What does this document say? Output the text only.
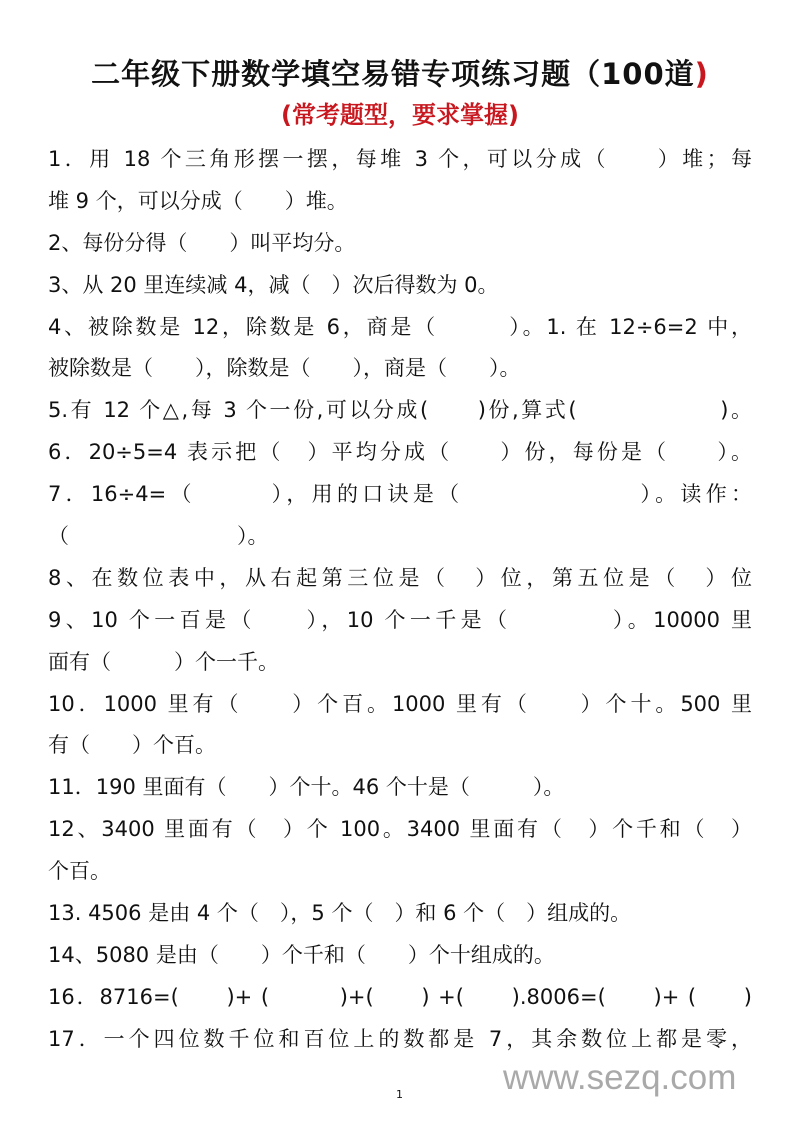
二年级下册数学填空易错专项练习题（100道)
(常考题型，要求掌握)
1．用 18 个三角形摆一摆，每堆 3 个，可以分成（　　）堆；每
堆 9 个，可以分成（　　）堆。
2、每份分得（　　）叫平均分。
3、从 20 里连续减 4，减（　）次后得数为 0。
4、被除数是 12，除数是 6，商是（　　　）。1. 在 12÷6=2 中，
被除数是（　　），除数是（　　），商是（　　）。
5.有 12 个△,每 3 个一份,可以分成(　　)份,算式(　　　　　　)。
6．20÷5=4 表示把（　）平均分成（　　）份，每份是（　　）。
7．16÷4=（　　　），用的口诀是（　　　　　　　）。读作：
（　　　　　　　　）。
8、在数位表中，从右起第三位是（　）位，第五位是（　）位
9、10 个一百是（　　），10 个一千是（　　　　）。10000 里
面有（　　　）个一千。
10．1000 里有（　　）个百。1000 里有（　　）个十。500 里
有（　　）个百。
11．190 里面有（　　）个十。46 个十是（　　　）。
12、3400 里面有（　）个 100。3400 里面有（　）个千和（　）
个百。
13. 4506 是由 4 个（　），5 个（　）和 6 个（　）组成的。
14、5080 是由（　　）个千和（　　）个十组成的。
16．8716=(　　)+ (　　　)+(　　) +(　　).8006=(　　)+ (　　)
17．一个四位数千位和百位上的数都是 7，其余数位上都是零，
1	www.sezq.com
